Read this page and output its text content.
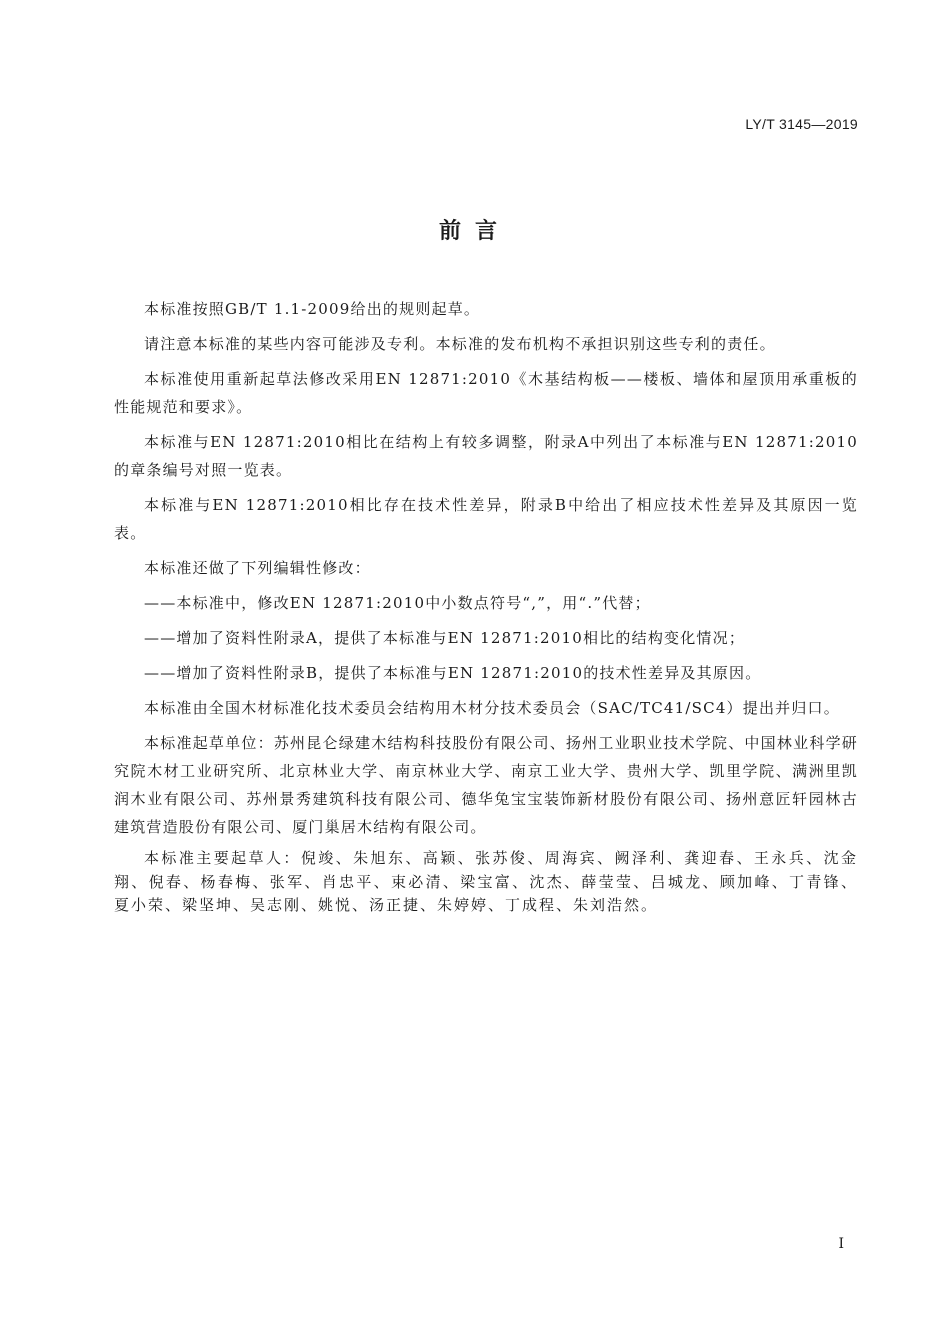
LY/T 3145—2019
前言

本标准按照GB/T 1.1-2009给出的规则起草。

请注意本标准的某些内容可能涉及专利。本标准的发布机构不承担识别这些专利的责任。

本标准使用重新起草法修改采用EN 12871:2010《木基结构板——楼板、墙体和屋顶用承重板的性能规范和要求》。

本标准与EN 12871:2010相比在结构上有较多调整，附录A中列出了本标准与EN 12871:2010的章条编号对照一览表。

本标准与EN 12871:2010相比存在技术性差异，附录B中给出了相应技术性差异及其原因一览表。

本标准还做了下列编辑性修改：

——本标准中，修改EN 12871:2010中小数点符号“,”，用“.”代替；

——增加了资料性附录A，提供了本标准与EN 12871:2010相比的结构变化情况；

——增加了资料性附录B，提供了本标准与EN 12871:2010的技术性差异及其原因。

本标准由全国木材标准化技术委员会结构用木材分技术委员会（SAC/TC41/SC4）提出并归口。

本标准起草单位：苏州昆仑绿建木结构科技股份有限公司、扬州工业职业技术学院、中国林业科学研究院木材工业研究所、北京林业大学、南京林业大学、南京工业大学、贵州大学、凯里学院、满洲里凯润木业有限公司、苏州景秀建筑科技有限公司、德华兔宝宝装饰新材股份有限公司、扬州意匠轩园林古建筑营造股份有限公司、厦门巢居木结构有限公司。

本标准主要起草人：倪竣、朱旭东、高颖、张苏俊、周海宾、阙泽利、龚迎春、王永兵、沈金翔、倪春、杨春梅、张军、肖忠平、束必清、梁宝富、沈杰、薛莹莹、吕城龙、顾加峰、丁青锋、夏小荣、梁坚坤、吴志刚、姚悦、汤正捷、朱婷婷、丁成程、朱刘浩然。

I
